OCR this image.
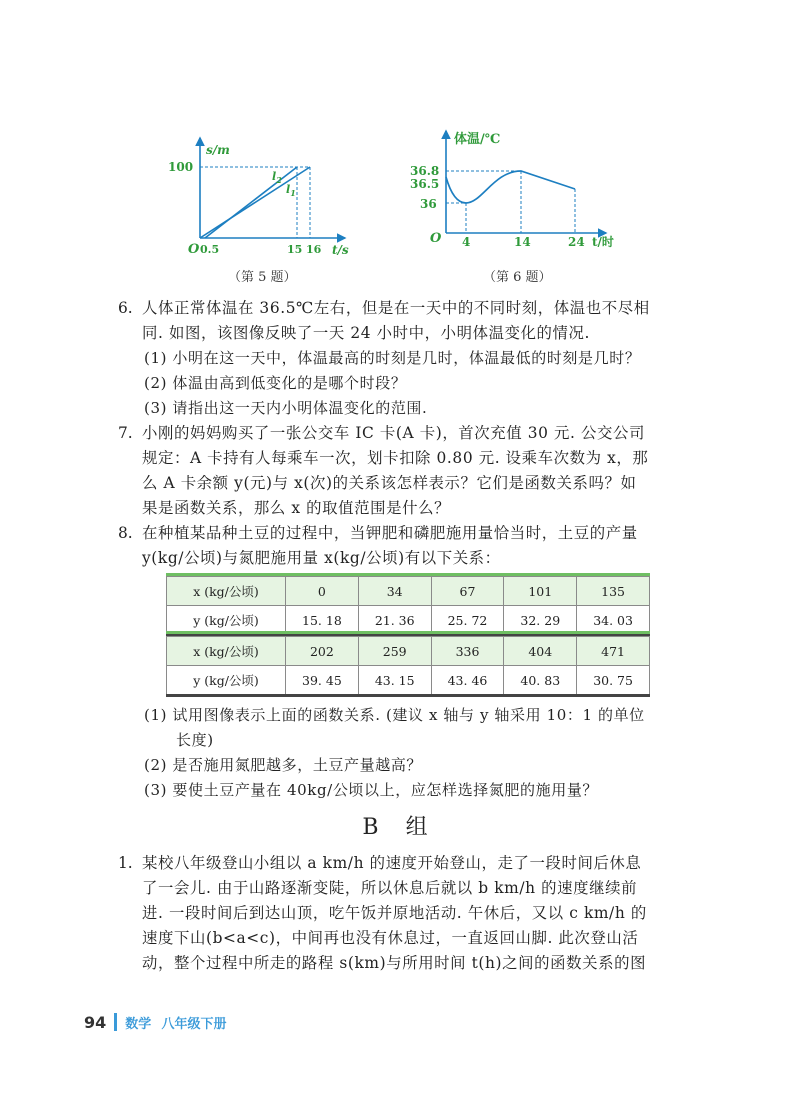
s/m
100
O 0.5	15 16 t/s
$l_2$
$l_1$
（第 5 题）
体温/℃
36.8
36.5
36
O 4	14	24 t/时
（第 6 题）
6. 人体正常体温在 36.5℃左右，但是在一天中的不同时刻，体温也不尽相
同. 如图，该图像反映了一天 24 小时中，小明体温变化的情况.
(1) 小明在这一天中，体温最高的时刻是几时，体温最低的时刻是几时？
(2) 体温由高到低变化的是哪个时段？
(3) 请指出这一天内小明体温变化的范围.
7. 小刚的妈妈购买了一张公交车 IC 卡(A 卡)，首次充值 30 元. 公交公司
规定：A 卡持有人每乘车一次，划卡扣除 0.80 元. 设乘车次数为 x，那
么 A 卡余额 y(元)与 x(次)的关系该怎样表示？它们是函数关系吗？如
果是函数关系，那么 x 的取值范围是什么？
8. 在种植某品种土豆的过程中，当钾肥和磷肥施用量恰当时，土豆的产量
y(kg/公顷)与氮肥施用量 x(kg/公顷)有以下关系：
x (kg/公顷)	0	34	67	101	135
y (kg/公顷)	15. 18	21. 36	25. 72	32. 29	34. 03
x (kg/公顷)	202	259	336	404	471
y (kg/公顷)	39. 45	43. 15	43. 46	40. 83	30. 75
(1) 试用图像表示上面的函数关系. (建议 x 轴与 y 轴采用 10：1 的单位
长度)
(2) 是否施用氮肥越多，土豆产量越高？
(3) 要使土豆产量在 40kg/公顷以上，应怎样选择氮肥的施用量？
B 组
1. 某校八年级登山小组以 a km/h 的速度开始登山，走了一段时间后休息
了一会儿. 由于山路逐渐变陡，所以休息后就以 b km/h 的速度继续前
进. 一段时间后到达山顶，吃午饭并原地活动. 午休后，又以 c km/h 的
速度下山(b<a<c)，中间再也没有休息过，一直返回山脚. 此次登山活
动，整个过程中所走的路程 s(km)与所用时间 t(h)之间的函数关系的图
94 数学 八年级下册
